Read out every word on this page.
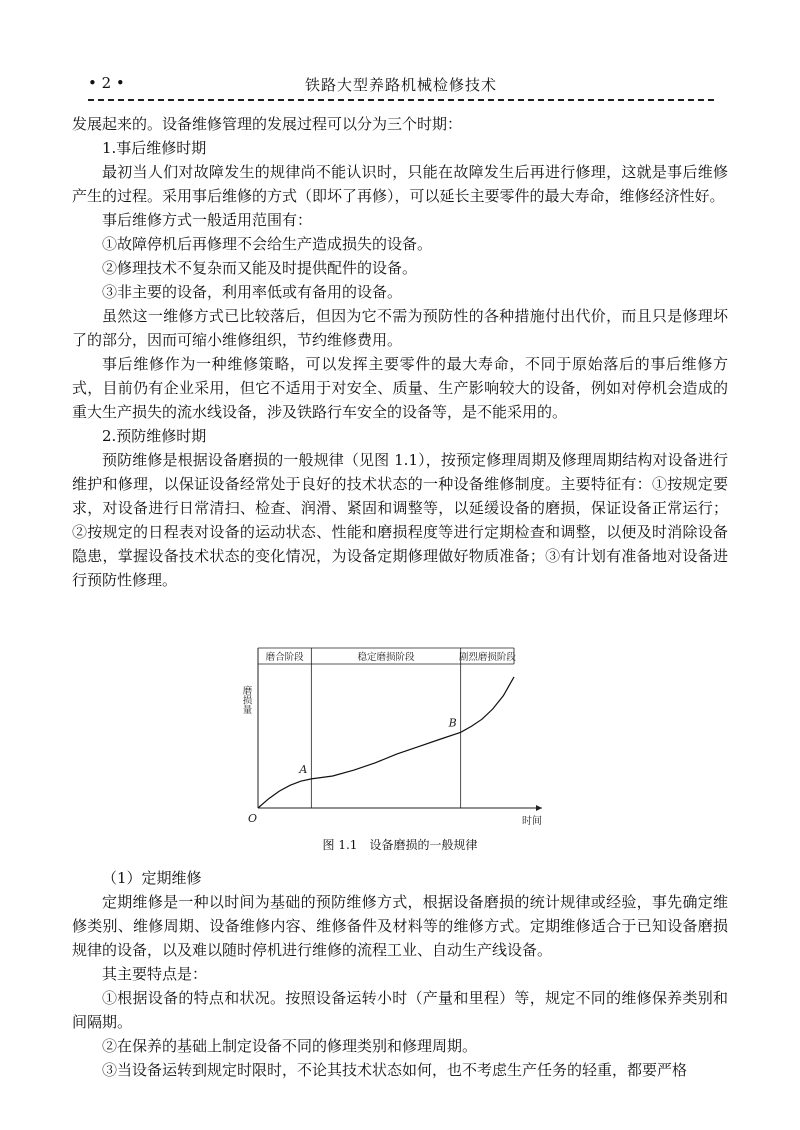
• 2 •	铁路大型养路机械检修技术

发展起来的。设备维修管理的发展过程可以分为三个时期：

1.事后维修时期

最初当人们对故障发生的规律尚不能认识时，只能在故障发生后再进行修理，这就是事后维修产生的过程。采用事后维修的方式（即坏了再修），可以延长主要零件的最大寿命，维修经济性好。

事后维修方式一般适用范围有：

①故障停机后再修理不会给生产造成损失的设备。

②修理技术不复杂而又能及时提供配件的设备。

③非主要的设备，利用率低或有备用的设备。

虽然这一维修方式已比较落后，但因为它不需为预防性的各种措施付出代价，而且只是修理坏了的部分，因而可缩小维修组织，节约维修费用。

事后维修作为一种维修策略，可以发挥主要零件的最大寿命，不同于原始落后的事后维修方式，目前仍有企业采用，但它不适用于对安全、质量、生产影响较大的设备，例如对停机会造成的重大生产损失的流水线设备，涉及铁路行车安全的设备等，是不能采用的。

2.预防维修时期

预防维修是根据设备磨损的一般规律（见图 1.1），按预定修理周期及修理周期结构对设备进行维护和修理，以保证设备经常处于良好的技术状态的一种设备维修制度。主要特征有：①按规定要求，对设备进行日常清扫、检查、润滑、紧固和调整等，以延缓设备的磨损，保证设备正常运行；②按规定的日程表对设备的运动状态、性能和磨损程度等进行定期检查和调整，以便及时消除设备隐患，掌握设备技术状态的变化情况，为设备定期修理做好物质准备；③有计划有准备地对设备进行预防性修理。

磨合阶段	稳定磨损阶段	剧烈磨损阶段
磨损量
时间
O
A
B
图 1.1　设备磨损的一般规律

（1）定期维修

定期维修是一种以时间为基础的预防维修方式，根据设备磨损的统计规律或经验，事先确定维修类别、维修周期、设备维修内容、维修备件及材料等的维修方式。定期维修适合于已知设备磨损规律的设备，以及难以随时停机进行维修的流程工业、自动生产线设备。

其主要特点是：

①根据设备的特点和状况。按照设备运转小时（产量和里程）等，规定不同的维修保养类别和间隔期。

②在保养的基础上制定设备不同的修理类别和修理周期。

③当设备运转到规定时限时，不论其技术状态如何，也不考虑生产任务的轻重，都要严格
